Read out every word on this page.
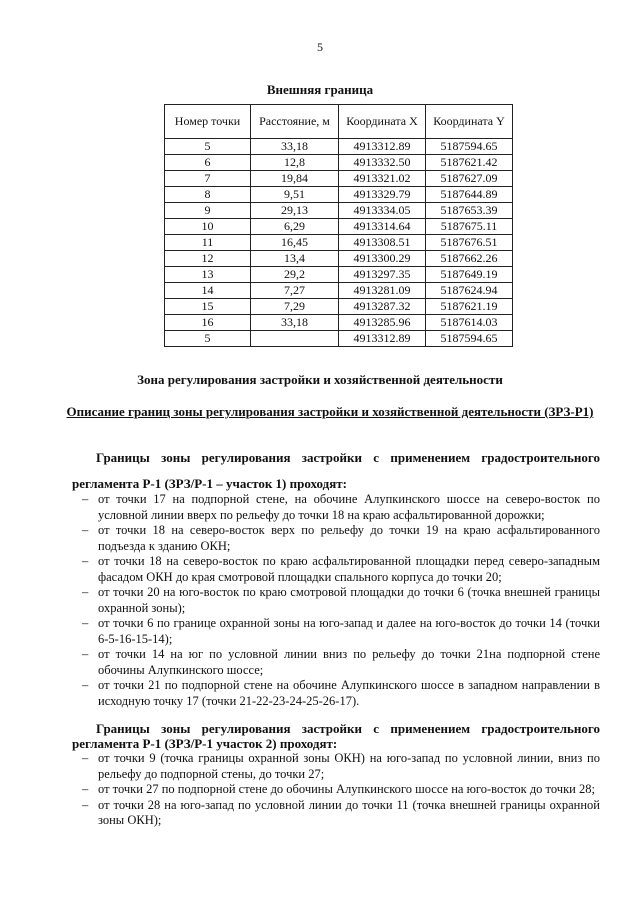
5
Внешняя граница
Номер точки	Расстояние, м	Координата X	Координата Y
5	33,18	4913312.89	5187594.65
6	12,8	4913332.50	5187621.42
7	19,84	4913321.02	5187627.09
8	9,51	4913329.79	5187644.89
9	29,13	4913334.05	5187653.39
10	6,29	4913314.64	5187675.11
11	16,45	4913308.51	5187676.51
12	13,4	4913300.29	5187662.26
13	29,2	4913297.35	5187649.19
14	7,27	4913281.09	5187624.94
15	7,29	4913287.32	5187621.19
16	33,18	4913285.96	5187614.03
5		4913312.89	5187594.65
Зона регулирования застройки и хозяйственной деятельности
Описание границ зоны регулирования застройки и хозяйственной деятельности (ЗРЗ-Р1)
Границы зоны регулирования застройки с применением градостроительного регламента Р-1 (ЗРЗ/Р-1 – участок 1) проходят:
– от точки 17 на подпорной стене, на обочине Алупкинского шоссе на северо-восток по условной линии вверх по рельефу до точки 18 на краю асфальтированной дорожки;
– от точки 18 на северо-восток верх по рельефу до точки 19 на краю асфальтированного подъезда к зданию ОКН;
– от точки 18 на северо-восток по краю асфальтированной площадки перед северо-западным фасадом ОКН до края смотровой площадки спального корпуса до точки 20;
– от точки 20 на юго-восток по краю смотровой площадки до точки 6 (точка внешней границы охранной зоны);
– от точки 6 по границе охранной зоны на юго-запад и далее на юго-восток до точки 14 (точки 6-5-16-15-14);
– от точки 14 на юг по условной линии вниз по рельефу до точки 21на подпорной стене обочины Алупкинского шоссе;
– от точки 21 по подпорной стене на обочине Алупкинского шоссе в западном направлении в исходную точку 17 (точки 21-22-23-24-25-26-17).
Границы зоны регулирования застройки с применением градостроительного регламента Р-1 (ЗРЗ/Р-1 участок 2) проходят:
– от точки 9 (точка границы охранной зоны ОКН) на юго-запад по условной линии, вниз по рельефу до подпорной стены, до точки 27;
– от точки 27 по подпорной стене до обочины Алупкинского шоссе на юго-восток до точки 28;
– от точки 28 на юго-запад по условной линии до точки 11 (точка внешней границы охранной зоны ОКН);
